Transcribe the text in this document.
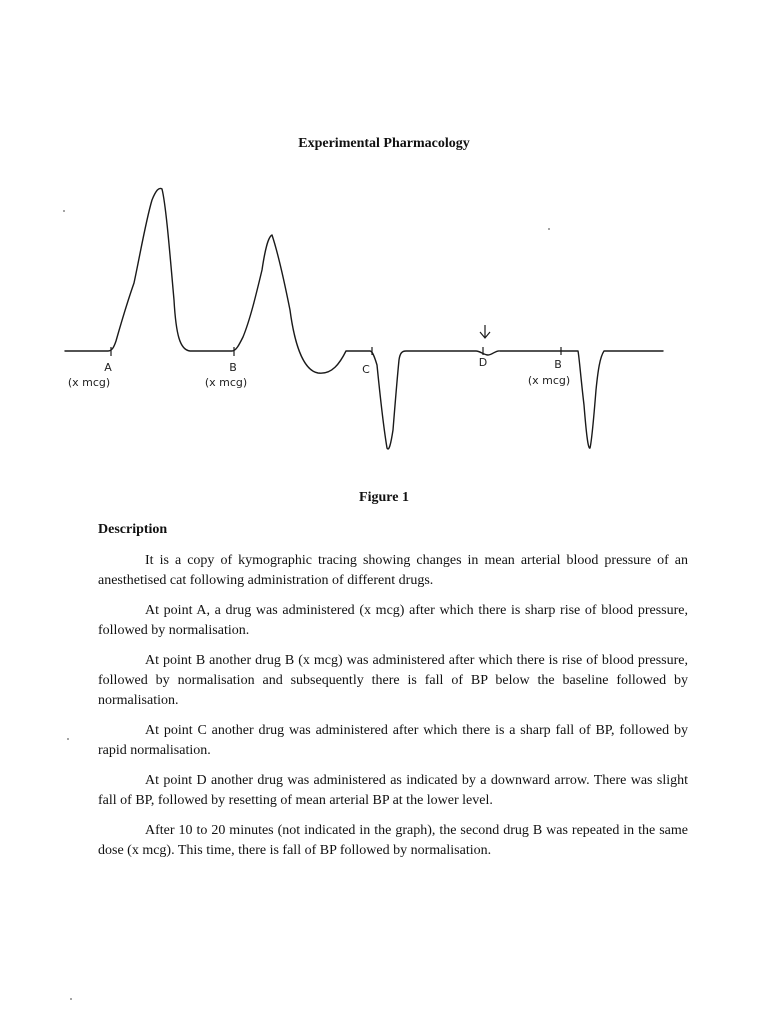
Experimental Pharmacology
A
(x mcg)
B
(x mcg)
C
D	B
(x mcg)
Figure 1
Description

It is a copy of kymographic tracing showing changes in mean arterial blood pressure of an anesthetised cat following administration of different drugs.

At point A, a drug was administered (x mcg) after which there is sharp rise of blood pressure, followed by normalisation.

At point B another drug B (x mcg) was administered after which there is rise of blood pressure, followed by normalisation and subsequently there is fall of BP below the baseline followed by normalisation.

At point C another drug was administered after which there is a sharp fall of BP, followed by rapid normalisation.

At point D another drug was administered as indicated by a downward arrow. There was slight fall of BP, followed by resetting of mean arterial BP at the lower level.

After 10 to 20 minutes (not indicated in the graph), the second drug B was repeated in the same dose (x mcg). This time, there is fall of BP followed by normalisation.
